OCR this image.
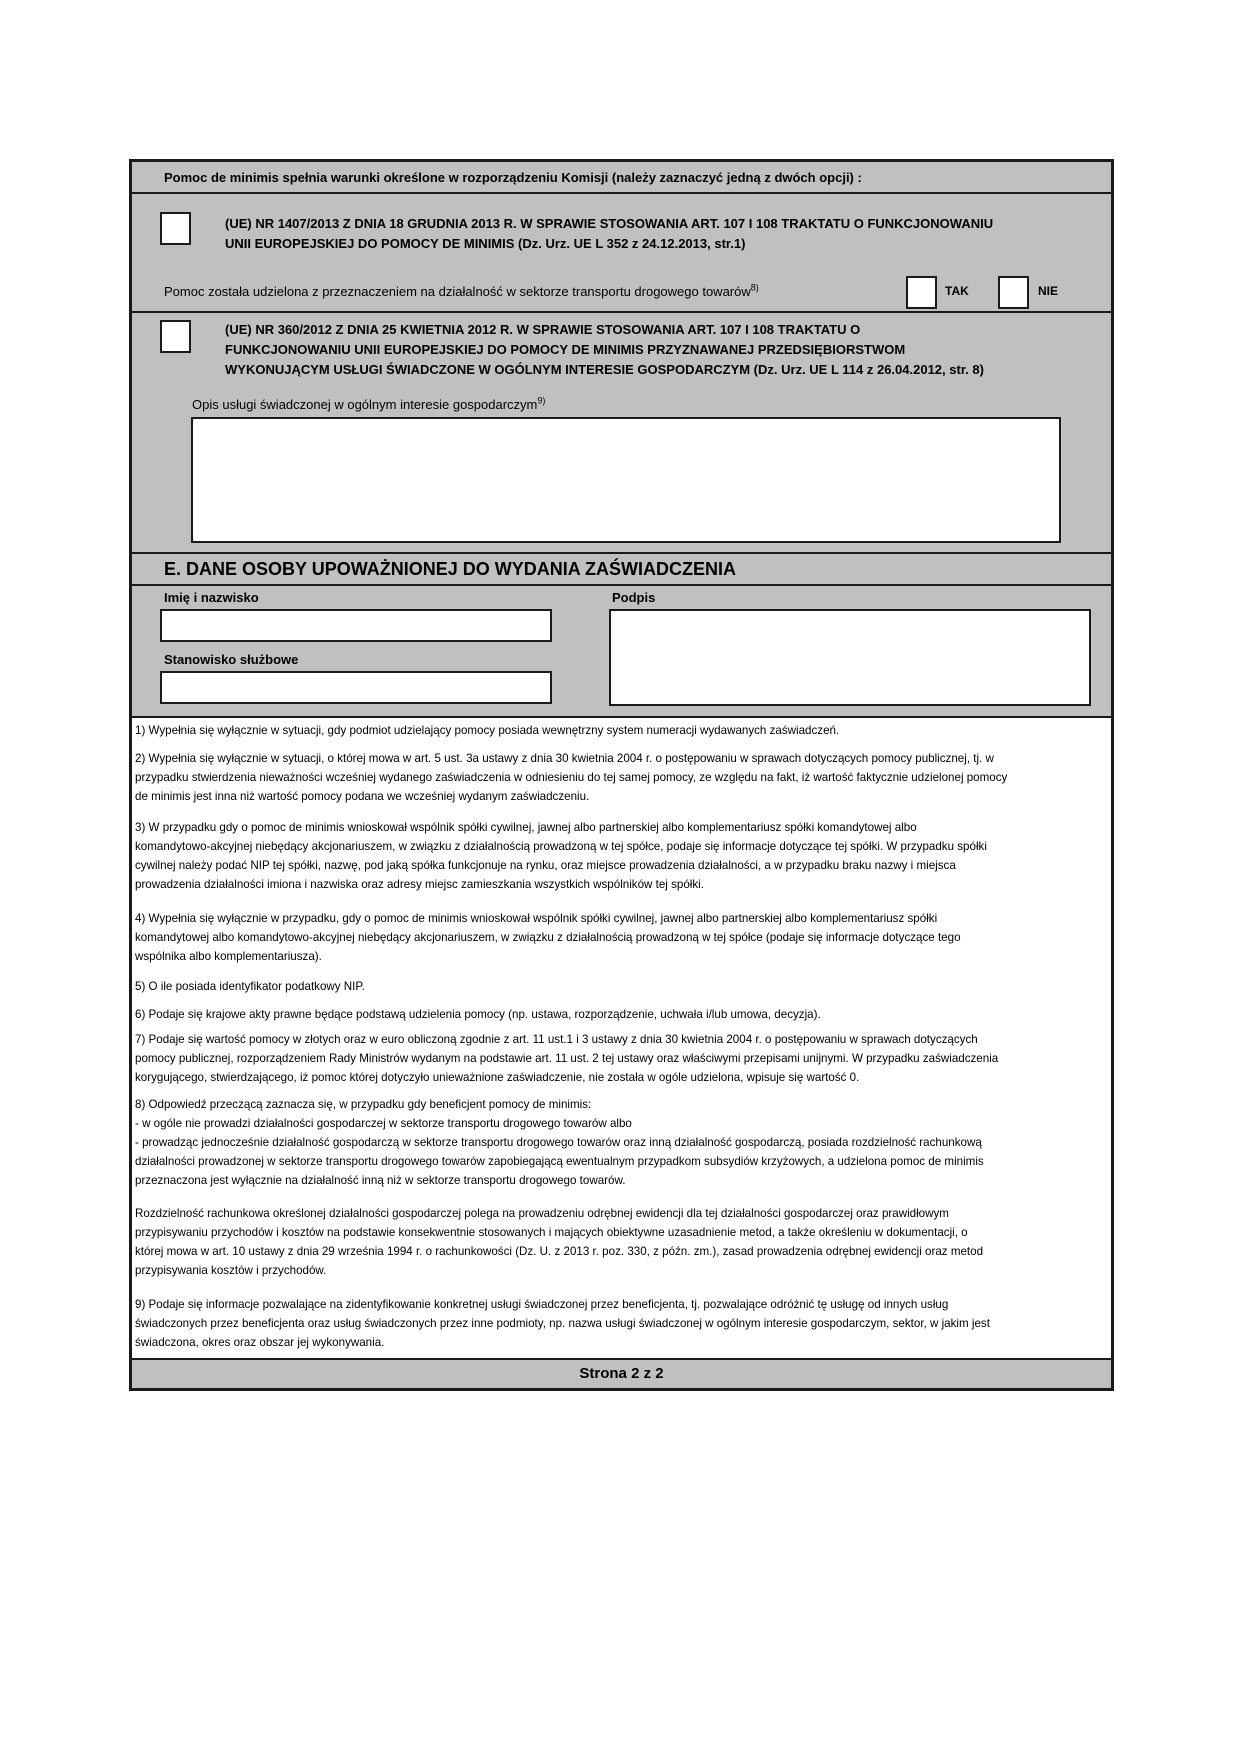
Pomoc de minimis spełnia warunki określone w rozporządzeniu Komisji (należy zaznaczyć jedną z dwóch opcji) :
(UE) NR 1407/2013 Z DNIA 18 GRUDNIA 2013 R. W SPRAWIE STOSOWANIA ART. 107 I 108 TRAKTATU O FUNKCJONOWANIU
UNII EUROPEJSKIEJ DO POMOCY DE MINIMIS (Dz. Urz. UE L 352 z 24.12.2013, str.1)
Pomoc została udzielona z przeznaczeniem na działalność w sektorze transportu drogowego towarów$^{8)}$	TAK	NIE
(UE) NR 360/2012 Z DNIA 25 KWIETNIA 2012 R. W SPRAWIE STOSOWANIA ART. 107 I 108 TRAKTATU O
FUNKCJONOWANIU UNII EUROPEJSKIEJ DO POMOCY DE MINIMIS PRZYZNAWANEJ PRZEDSIĘBIORSTWOM
WYKONUJĄCYM USŁUGI ŚWIADCZONE W OGÓLNYM INTERESIE GOSPODARCZYM (Dz. Urz. UE L 114 z 26.04.2012, str. 8)
Opis usługi świadczonej w ogólnym interesie gospodarczym$^{9)}$
E. DANE OSOBY UPOWAŻNIONEJ DO WYDANIA ZAŚWIADCZENIA
Imię i nazwisko
Stanowisko służbowe
Podpis
1) Wypełnia się wyłącznie w sytuacji, gdy podmiot udzielający pomocy posiada wewnętrzny system numeracji wydawanych zaświadczeń.
2) Wypełnia się wyłącznie w sytuacji, o której mowa w art. 5 ust. 3a ustawy z dnia 30 kwietnia 2004 r. o postępowaniu w sprawach dotyczących pomocy publicznej, tj. w
przypadku stwierdzenia nieważności wcześniej wydanego zaświadczenia w odniesieniu do tej samej pomocy, ze względu na fakt, iż wartość faktycznie udzielonej pomocy
de minimis jest inna niż wartość pomocy podana we wcześniej wydanym zaświadczeniu.
3) W przypadku gdy o pomoc de minimis wnioskował wspólnik spółki cywilnej, jawnej albo partnerskiej albo komplementariusz spółki komandytowej albo
komandytowo-akcyjnej niebędący akcjonariuszem, w związku z działalnością prowadzoną w tej spółce, podaje się informacje dotyczące tej spółki. W przypadku spółki
cywilnej należy podać NIP tej spółki, nazwę, pod jaką spółka funkcjonuje na rynku, oraz miejsce prowadzenia działalności, a w przypadku braku nazwy i miejsca
prowadzenia działalności imiona i nazwiska oraz adresy miejsc zamieszkania wszystkich wspólników tej spółki.
4) Wypełnia się wyłącznie w przypadku, gdy o pomoc de minimis wnioskował wspólnik spółki cywilnej, jawnej albo partnerskiej albo komplementariusz spółki
komandytowej albo komandytowo-akcyjnej niebędący akcjonariuszem, w związku z działalnością prowadzoną w tej spółce (podaje się informacje dotyczące tego
wspólnika albo komplementariusza).
5) O ile posiada identyfikator podatkowy NIP.
6) Podaje się krajowe akty prawne będące podstawą udzielenia pomocy (np. ustawa, rozporządzenie, uchwała i/lub umowa, decyzja).
7) Podaje się wartość pomocy w złotych oraz w euro obliczoną zgodnie z art. 11 ust.1 i 3 ustawy z dnia 30 kwietnia 2004 r. o postępowaniu w sprawach dotyczących
pomocy publicznej, rozporządzeniem Rady Ministrów wydanym na podstawie art. 11 ust. 2 tej ustawy oraz właściwymi przepisami unijnymi. W przypadku zaświadczenia
korygującego, stwierdzającego, iż pomoc której dotyczyło unieważnione zaświadczenie, nie została w ogóle udzielona, wpisuje się wartość 0.
8) Odpowiedź przeczącą zaznacza się, w przypadku gdy beneficjent pomocy de minimis:
- w ogóle nie prowadzi działalności gospodarczej w sektorze transportu drogowego towarów albo
- prowadząc jednocześnie działalność gospodarczą w sektorze transportu drogowego towarów oraz inną działalność gospodarczą, posiada rozdzielność rachunkową
działalności prowadzonej w sektorze transportu drogowego towarów zapobiegającą ewentualnym przypadkom subsydiów krzyżowych, a udzielona pomoc de minimis
przeznaczona jest wyłącznie na działalność inną niż w sektorze transportu drogowego towarów.
Rozdzielność rachunkowa określonej działalności gospodarczej polega na prowadzeniu odrębnej ewidencji dla tej działalności gospodarczej oraz prawidłowym
przypisywaniu przychodów i kosztów na podstawie konsekwentnie stosowanych i mających obiektywne uzasadnienie metod, a także określeniu w dokumentacji, o
której mowa w art. 10 ustawy z dnia 29 września 1994 r. o rachunkowości (Dz. U. z 2013 r. poz. 330, z późn. zm.), zasad prowadzenia odrębnej ewidencji oraz metod
przypisywania kosztów i przychodów.
9) Podaje się informacje pozwalające na zidentyfikowanie konkretnej usługi świadczonej przez beneficjenta, tj. pozwalające odróżnić tę usługę od innych usług
świadczonych przez beneficjenta oraz usług świadczonych przez inne podmioty, np. nazwa usługi świadczonej w ogólnym interesie gospodarczym, sektor, w jakim jest
świadczona, okres oraz obszar jej wykonywania.
Strona 2 z 2
